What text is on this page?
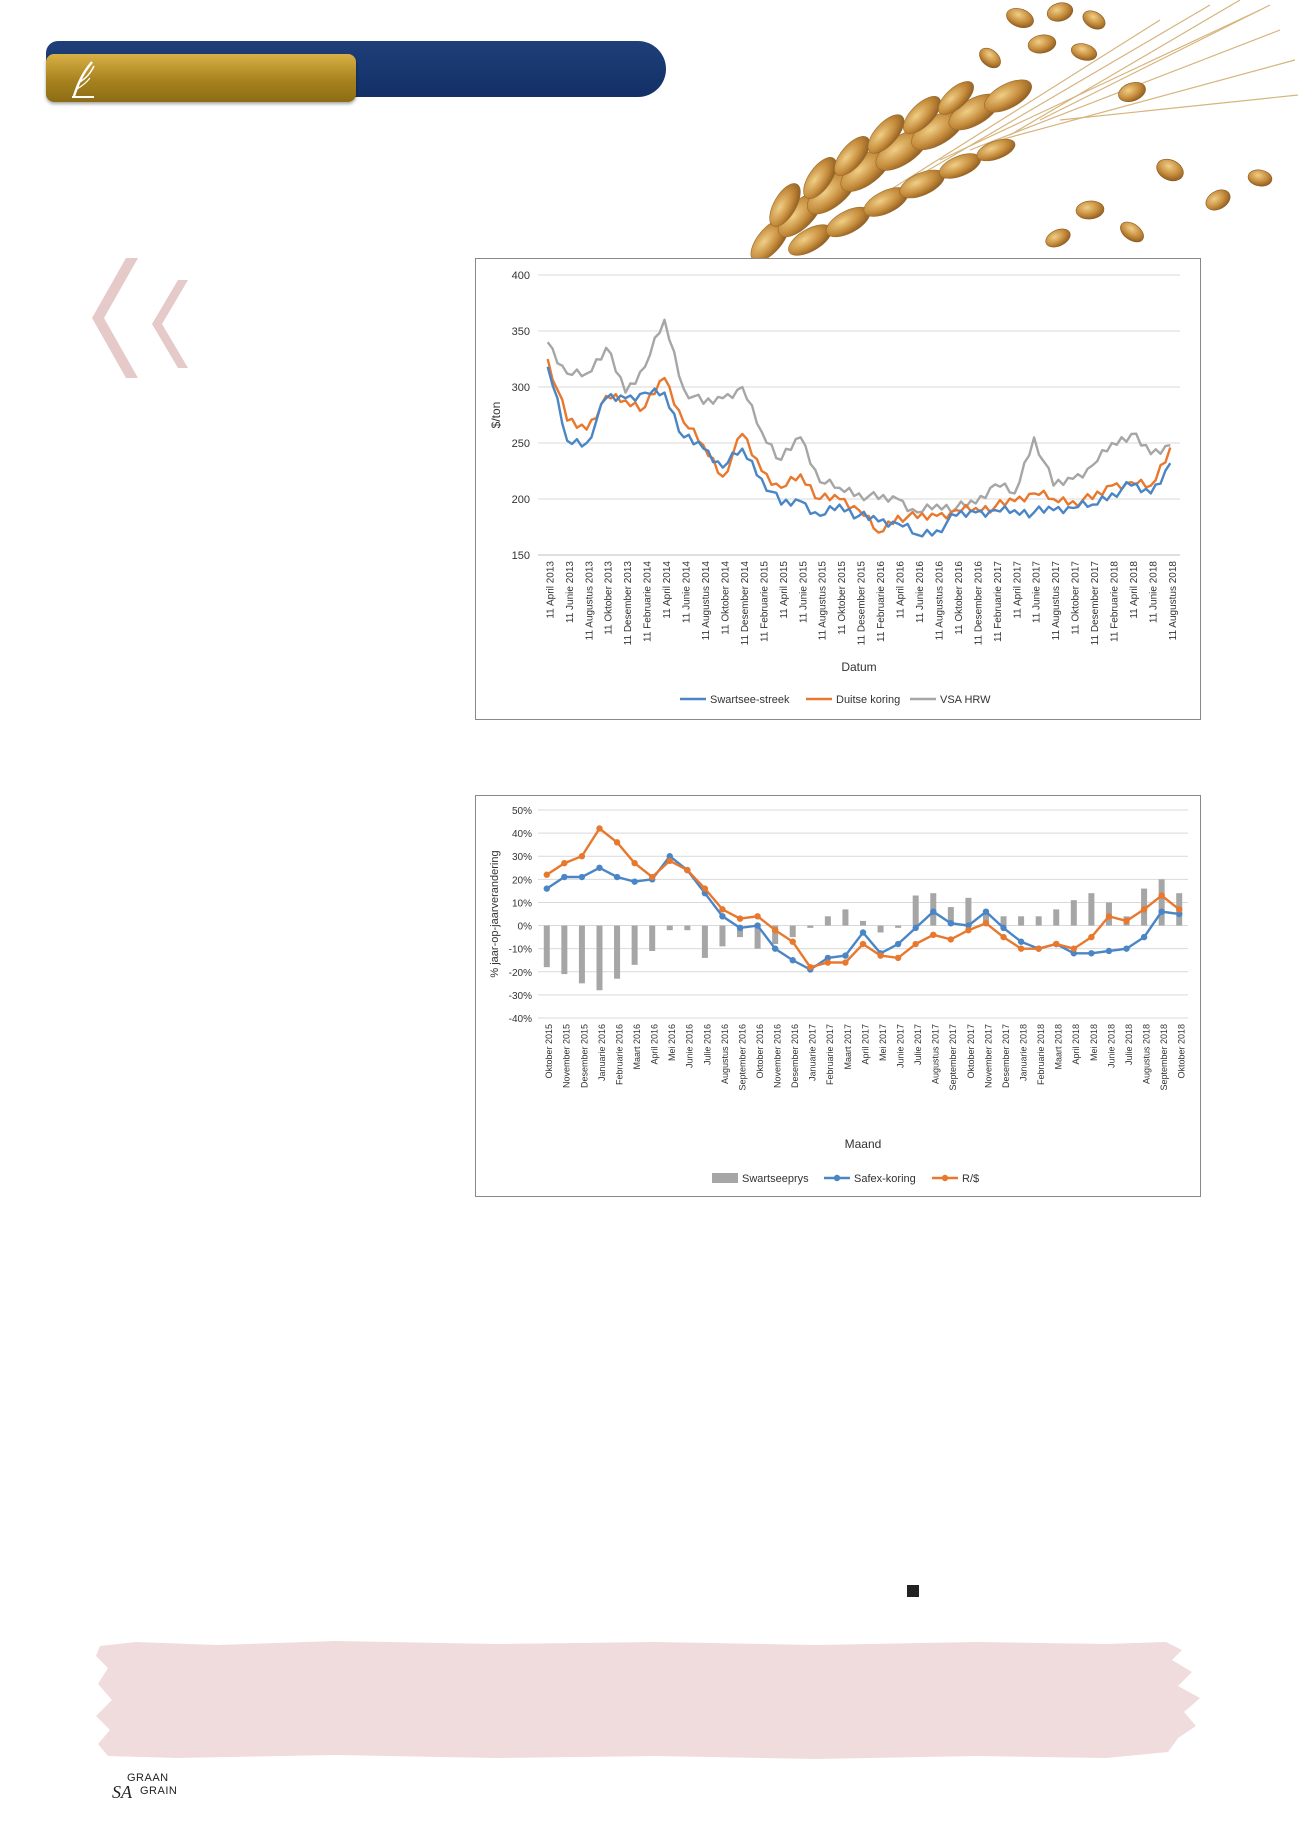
150
200
250
300
350
400
11 April 2013 11 Junie 2013 11 Augustus 2013 11 Oktober 2013 11 Desember 2013 11 Februarie 2014 11 April 2014 11 Junie 2014 11 Augustus 2014 11 Oktober 2014 11 Desember 2014 11 Februarie 2015 11 April 2015 11 Junie 2015 11 Augustus 2015 11 Oktober 2015 11 Desember 2015 11 Februarie 2016 11 April 2016 11 Junie 2016 11 Augustus 2016 11 Oktober 2016 11 Desember 2016 11 Februarie 2017 11 April 2017 11 Junie 2017 11 Augustus 2017 11 Oktober 2017 11 Desember 2017 11 Februarie 2018 11 April 2018 11 Junie 2018 11 Augustus 2018
$/ton
Datum
Swartsee-streek	Duitse koring	VSA HRW
50%
40%
30%
20%
10%
0%
-10%
-20%
-30%
-40%
Oktober 2015 November 2015 Desember 2015 Januarie 2016 Februarie 2016 Maart 2016 April 2016 Mei 2016 Junie 2016 Julie 2016 Augustus 2016 September 2016 Oktober 2016 November 2016 Desember 2016 Januarie 2017 Februarie 2017 Maart 2017 April 2017 Mei 2017 Junie 2017 Julie 2017 Augustus 2017 September 2017 Oktober 2017 November 2017 Desember 2017 Januarie 2018 Februarie 2018 Maart 2018 April 2018 Mei 2018 Junie 2018 Julie 2018 Augustus 2018 September 2018 Oktober 2018
% jaar-op-jaarverandering
Maand
Swartseeprys	Safex-koring	R/$
SA
GRAAN
GRAIN
